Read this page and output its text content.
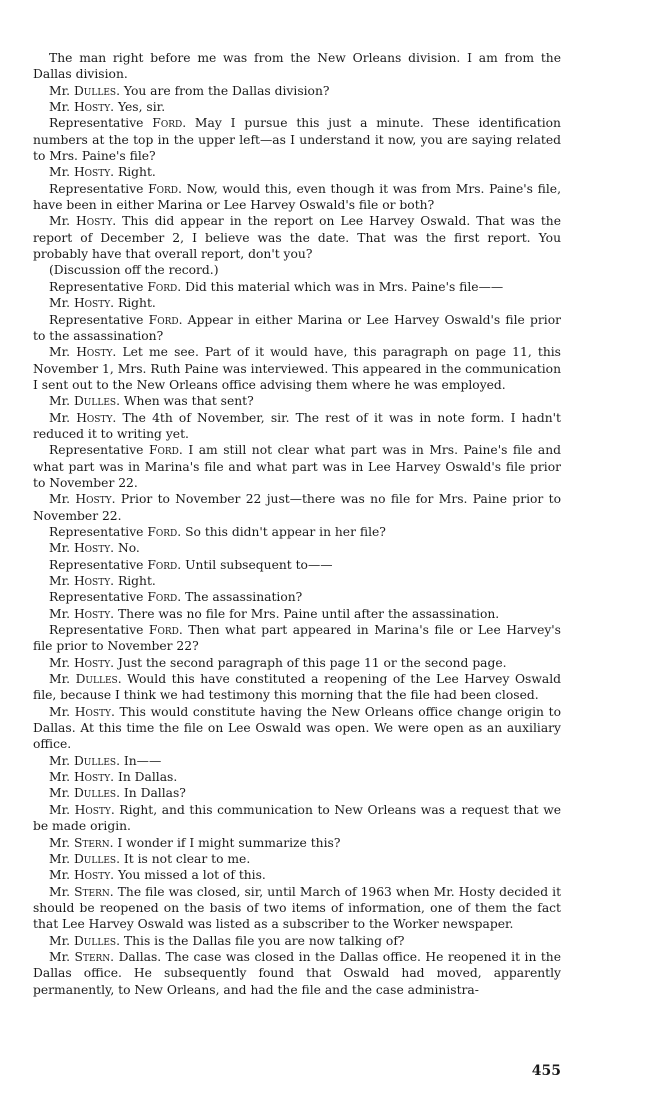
The man right before me was from the New Orleans division. I am from the Dallas division.

Mr. Dulles. You are from the Dallas division?

Mr. Hosty. Yes, sir.

Representative Ford. May I pursue this just a minute. These identification numbers at the top in the upper left—as I understand it now, you are saying related to Mrs. Paine's file?

Mr. Hosty. Right.

Representative Ford. Now, would this, even though it was from Mrs. Paine's file, have been in either Marina or Lee Harvey Oswald's file or both?

Mr. Hosty. This did appear in the report on Lee Harvey Oswald. That was the report of December 2, I believe was the date. That was the first report. You probably have that overall report, don't you?

(Discussion off the record.)

Representative Ford. Did this material which was in Mrs. Paine's file——

Mr. Hosty. Right.

Representative Ford. Appear in either Marina or Lee Harvey Oswald's file prior to the assassination?

Mr. Hosty. Let me see. Part of it would have, this paragraph on page 11, this November 1, Mrs. Ruth Paine was interviewed. This appeared in the communication I sent out to the New Orleans office advising them where he was employed.

Mr. Dulles. When was that sent?

Mr. Hosty. The 4th of November, sir. The rest of it was in note form. I hadn't reduced it to writing yet.

Representative Ford. I am still not clear what part was in Mrs. Paine's file and what part was in Marina's file and what part was in Lee Harvey Oswald's file prior to November 22.

Mr. Hosty. Prior to November 22 just—there was no file for Mrs. Paine prior to November 22.

Representative Ford. So this didn't appear in her file?

Mr. Hosty. No.

Representative Ford. Until subsequent to——

Mr. Hosty. Right.

Representative Ford. The assassination?

Mr. Hosty. There was no file for Mrs. Paine until after the assassination.

Representative Ford. Then what part appeared in Marina's file or Lee Harvey's file prior to November 22?

Mr. Hosty. Just the second paragraph of this page 11 or the second page.

Mr. Dulles. Would this have constituted a reopening of the Lee Harvey Oswald file, because I think we had testimony this morning that the file had been closed.

Mr. Hosty. This would constitute having the New Orleans office change origin to Dallas. At this time the file on Lee Oswald was open. We were open as an auxiliary office.

Mr. Dulles. In——

Mr. Hosty. In Dallas.

Mr. Dulles. In Dallas?

Mr. Hosty. Right, and this communication to New Orleans was a request that we be made origin.

Mr. Stern. I wonder if I might summarize this?

Mr. Dulles. It is not clear to me.

Mr. Hosty. You missed a lot of this.

Mr. Stern. The file was closed, sir, until March of 1963 when Mr. Hosty decided it should be reopened on the basis of two items of information, one of them the fact that Lee Harvey Oswald was listed as a subscriber to the Worker newspaper.

Mr. Dulles. This is the Dallas file you are now talking of?

Mr. Stern. Dallas. The case was closed in the Dallas office. He reopened it in the Dallas office. He subsequently found that Oswald had moved, apparently permanently, to New Orleans, and had the file and the case administra-

455
